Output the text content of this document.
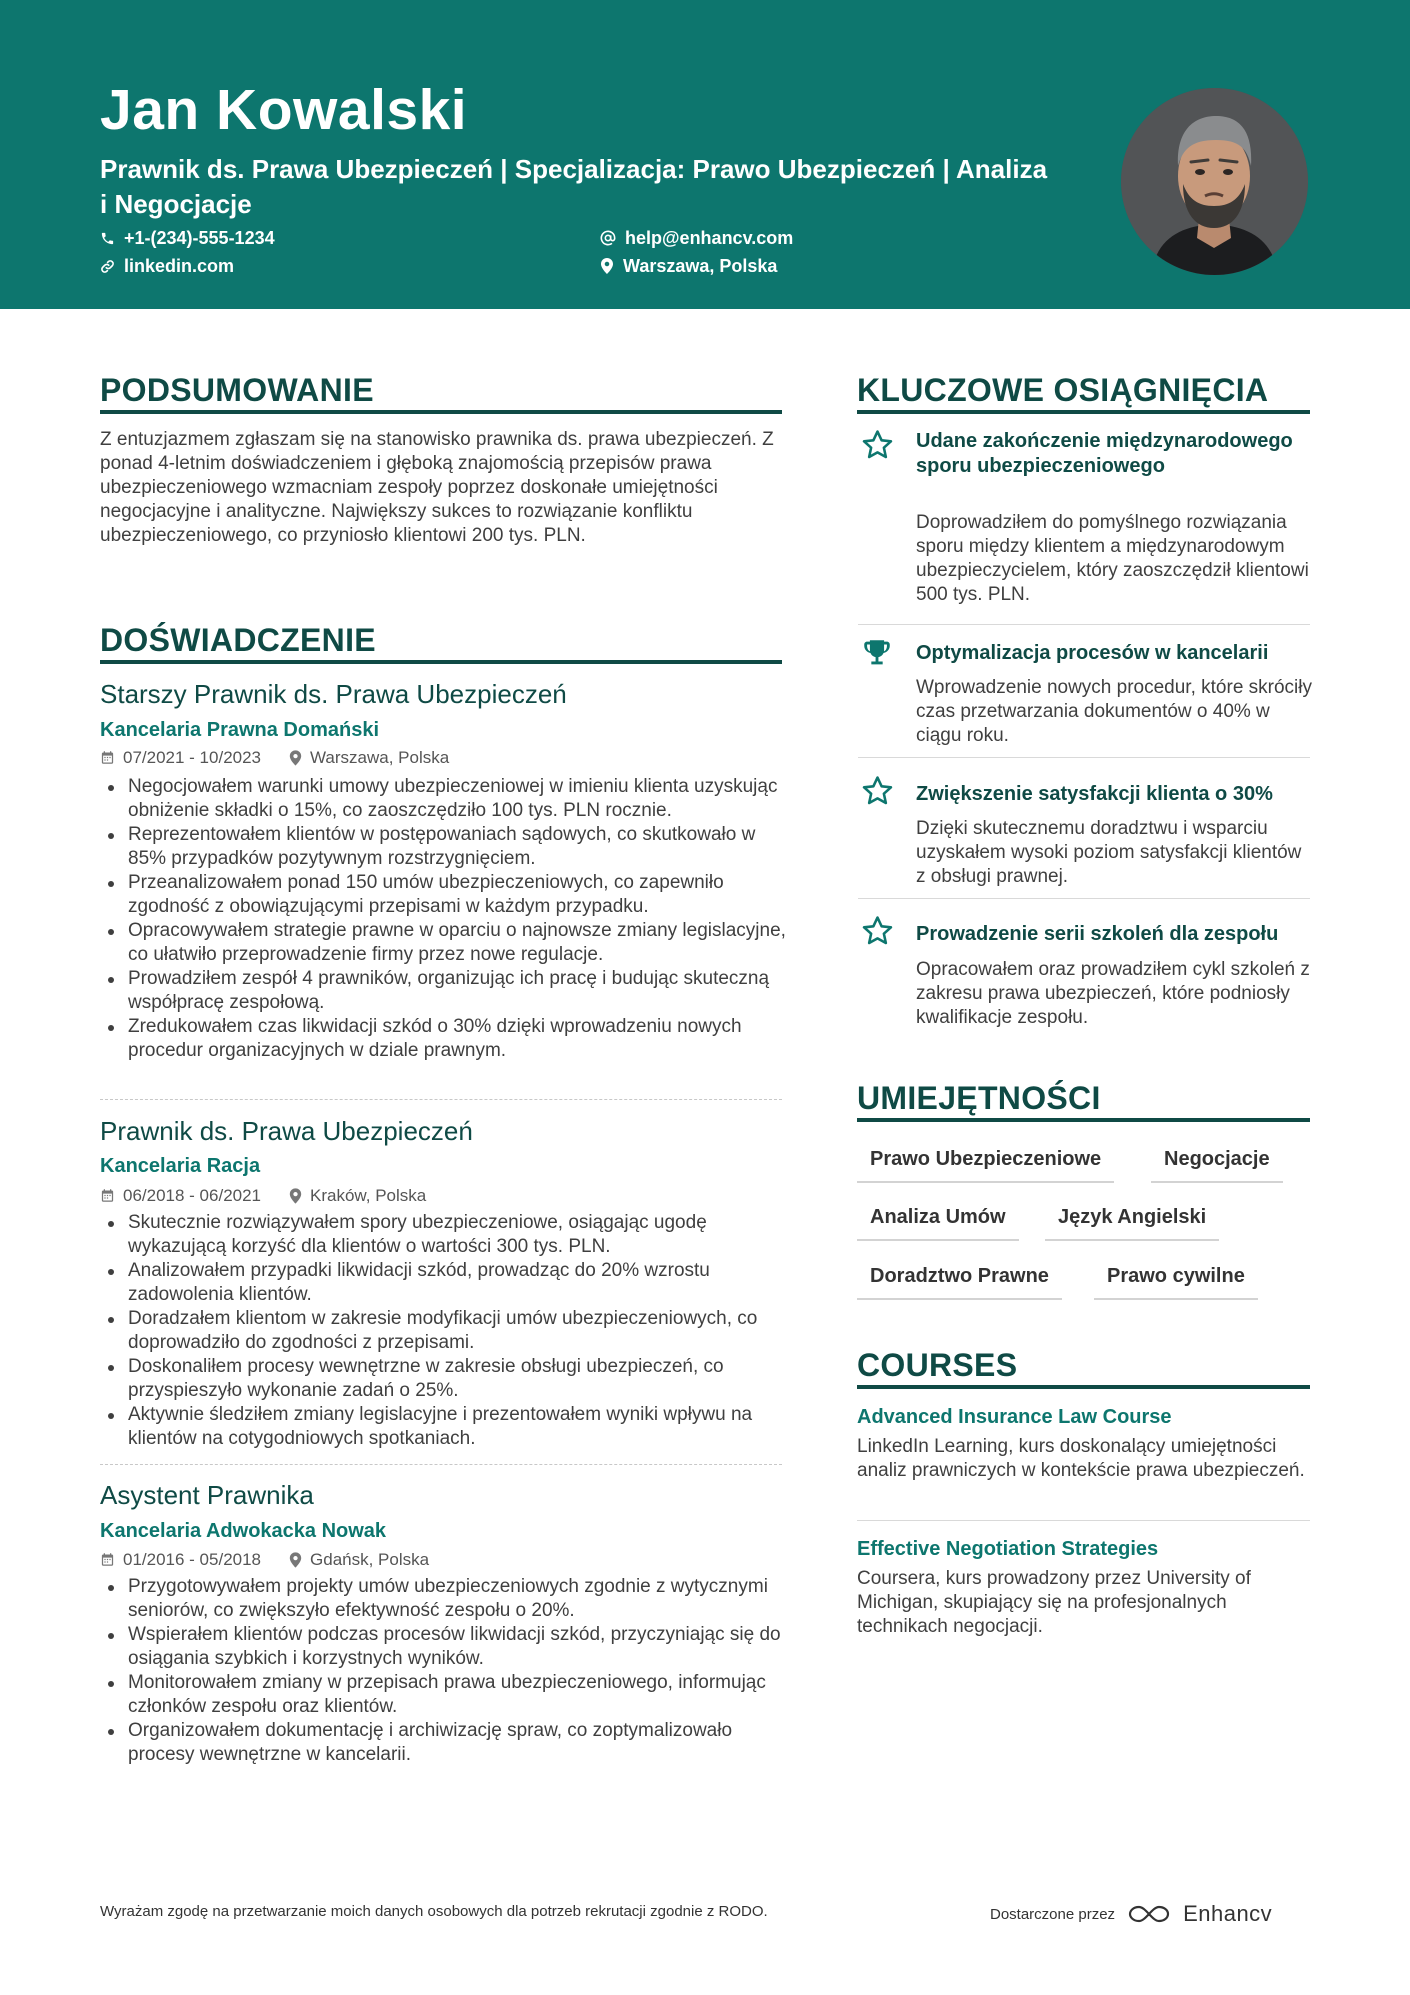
Jan Kowalski
Prawnik ds. Prawa Ubezpieczeń | Specjalizacja: Prawo Ubezpieczeń | Analiza i Negocjacje
+1-(234)-555-1234
linkedin.com
help@enhancv.com
Warszawa, Polska
PODSUMOWANIE
Z entuzjazmem zgłaszam się na stanowisko prawnika ds. prawa ubezpieczeń. Z ponad 4-letnim doświadczeniem i głęboką znajomością przepisów prawa ubezpieczeniowego wzmacniam zespoły poprzez doskonałe umiejętności negocjacyjne i analityczne. Największy sukces to rozwiązanie konfliktu ubezpieczeniowego, co przyniosło klientowi 200 tys. PLN.
DOŚWIADCZENIE
Starszy Prawnik ds. Prawa Ubezpieczeń
Kancelaria Prawna Domański
07/2021 - 10/2023	Warszawa, Polska
Negocjowałem warunki umowy ubezpieczeniowej w imieniu klienta uzyskując obniżenie składki o 15%, co zaoszczędziło 100 tys. PLN rocznie.
Reprezentowałem klientów w postępowaniach sądowych, co skutkowało w 85% przypadków pozytywnym rozstrzygnięciem.
Przeanalizowałem ponad 150 umów ubezpieczeniowych, co zapewniło zgodność z obowiązującymi przepisami w każdym przypadku.
Opracowywałem strategie prawne w oparciu o najnowsze zmiany legislacyjne, co ułatwiło przeprowadzenie firmy przez nowe regulacje.
Prowadziłem zespół 4 prawników, organizując ich pracę i budując skuteczną współpracę zespołową.
Zredukowałem czas likwidacji szkód o 30% dzięki wprowadzeniu nowych procedur organizacyjnych w dziale prawnym.
Prawnik ds. Prawa Ubezpieczeń
Kancelaria Racja
06/2018 - 06/2021	Kraków, Polska
Skutecznie rozwiązywałem spory ubezpieczeniowe, osiągając ugodę wykazującą korzyść dla klientów o wartości 300 tys. PLN.
Analizowałem przypadki likwidacji szkód, prowadząc do 20% wzrostu zadowolenia klientów.
Doradzałem klientom w zakresie modyfikacji umów ubezpieczeniowych, co doprowadziło do zgodności z przepisami.
Doskonaliłem procesy wewnętrzne w zakresie obsługi ubezpieczeń, co przyspieszyło wykonanie zadań o 25%.
Aktywnie śledziłem zmiany legislacyjne i prezentowałem wyniki wpływu na klientów na cotygodniowych spotkaniach.
Asystent Prawnika
Kancelaria Adwokacka Nowak
01/2016 - 05/2018	Gdańsk, Polska
Przygotowywałem projekty umów ubezpieczeniowych zgodnie z wytycznymi seniorów, co zwiększyło efektywność zespołu o 20%.
Wspierałem klientów podczas procesów likwidacji szkód, przyczyniając się do osiągania szybkich i korzystnych wyników.
Monitorowałem zmiany w przepisach prawa ubezpieczeniowego, informując członków zespołu oraz klientów.
Organizowałem dokumentację i archiwizację spraw, co zoptymalizowało procesy wewnętrzne w kancelarii.
KLUCZOWE OSIĄGNIĘCIA
Udane zakończenie międzynarodowego sporu ubezpieczeniowego
Doprowadziłem do pomyślnego rozwiązania sporu między klientem a międzynarodowym ubezpieczycielem, który zaoszczędził klientowi 500 tys. PLN.
Optymalizacja procesów w kancelarii
Wprowadzenie nowych procedur, które skróciły czas przetwarzania dokumentów o 40% w ciągu roku.
Zwiększenie satysfakcji klienta o 30%
Dzięki skutecznemu doradztwu i wsparciu uzyskałem wysoki poziom satysfakcji klientów z obsługi prawnej.
Prowadzenie serii szkoleń dla zespołu
Opracowałem oraz prowadziłem cykl szkoleń z zakresu prawa ubezpieczeń, które podniosły kwalifikacje zespołu.
UMIEJĘTNOŚCI
Prawo Ubezpieczeniowe	Negocjacje
Analiza Umów	Język Angielski
Doradztwo Prawne	Prawo cywilne
COURSES
Advanced Insurance Law Course
LinkedIn Learning, kurs doskonalący umiejętności analiz prawniczych w kontekście prawa ubezpieczeń.
Effective Negotiation Strategies
Coursera, kurs prowadzony przez University of Michigan, skupiający się na profesjonalnych technikach negocjacji.
Wyrażam zgodę na przetwarzanie moich danych osobowych dla potrzeb rekrutacji zgodnie z RODO.	Dostarczone przez	Enhancv
